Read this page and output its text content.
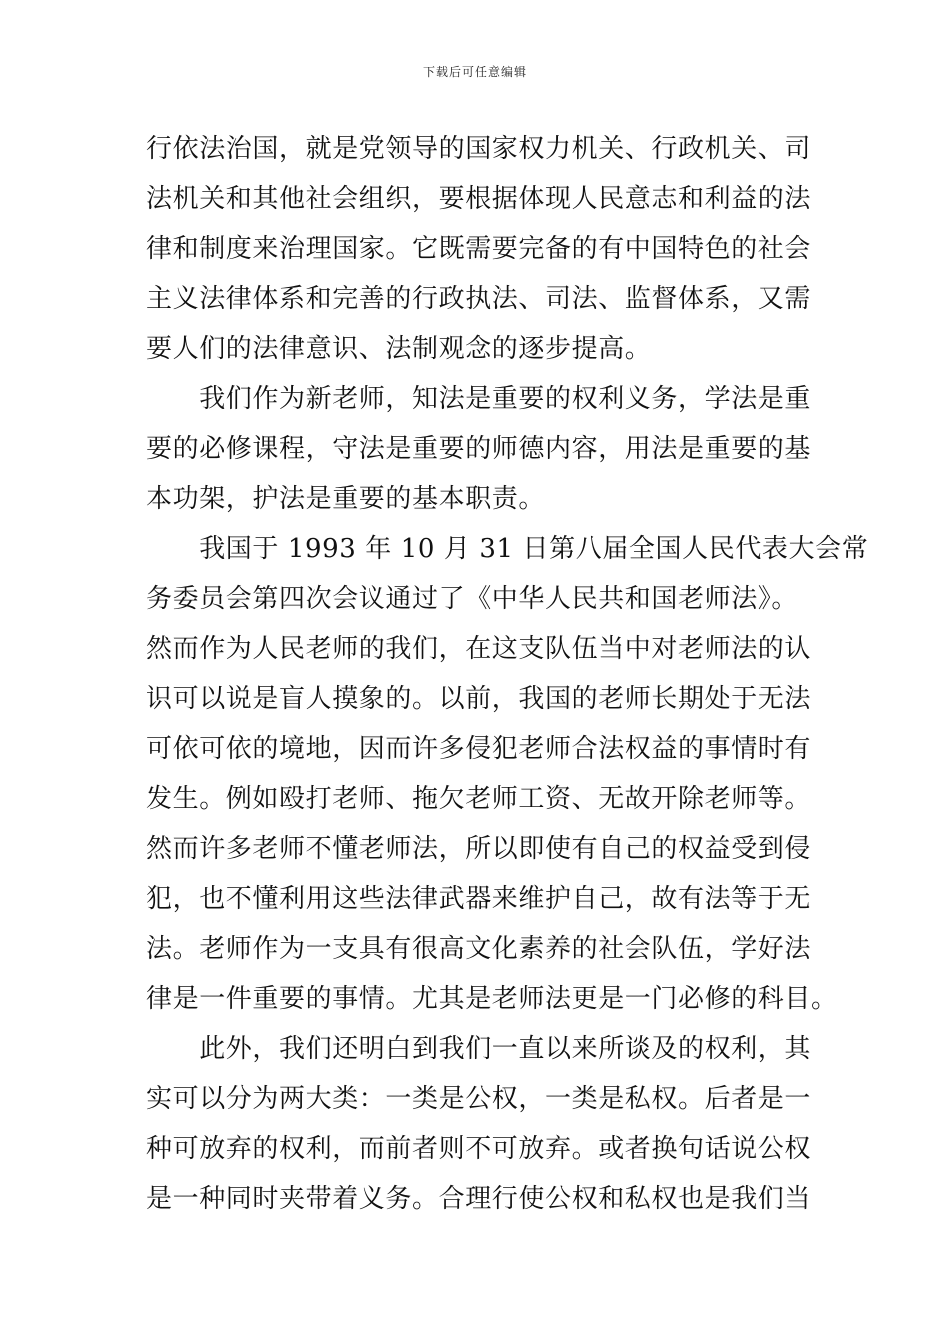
下载后可任意编辑
行依法治国，就是党领导的国家权力机关、行政机关、司
法机关和其他社会组织，要根据体现人民意志和利益的法
律和制度来治理国家。它既需要完备的有中国特色的社会
主义法律体系和完善的行政执法、司法、监督体系，又需
要人们的法律意识、法制观念的逐步提高。
　　我们作为新老师，知法是重要的权利义务，学法是重
要的必修课程，守法是重要的师德内容，用法是重要的基
本功架，护法是重要的基本职责。
　　我国于 1993 年 10 月 31 日第八届全国人民代表大会常
务委员会第四次会议通过了《中华人民共和国老师法》。
然而作为人民老师的我们，在这支队伍当中对老师法的认
识可以说是盲人摸象的。以前，我国的老师长期处于无法
可依可依的境地，因而许多侵犯老师合法权益的事情时有
发生。例如殴打老师、拖欠老师工资、无故开除老师等。
然而许多老师不懂老师法，所以即使有自己的权益受到侵
犯，也不懂利用这些法律武器来维护自己，故有法等于无
法。老师作为一支具有很高文化素养的社会队伍，学好法
律是一件重要的事情。尤其是老师法更是一门必修的科目。
　　此外，我们还明白到我们一直以来所谈及的权利，其
实可以分为两大类：一类是公权，一类是私权。后者是一
种可放弃的权利，而前者则不可放弃。或者换句话说公权
是一种同时夹带着义务。合理行使公权和私权也是我们当
